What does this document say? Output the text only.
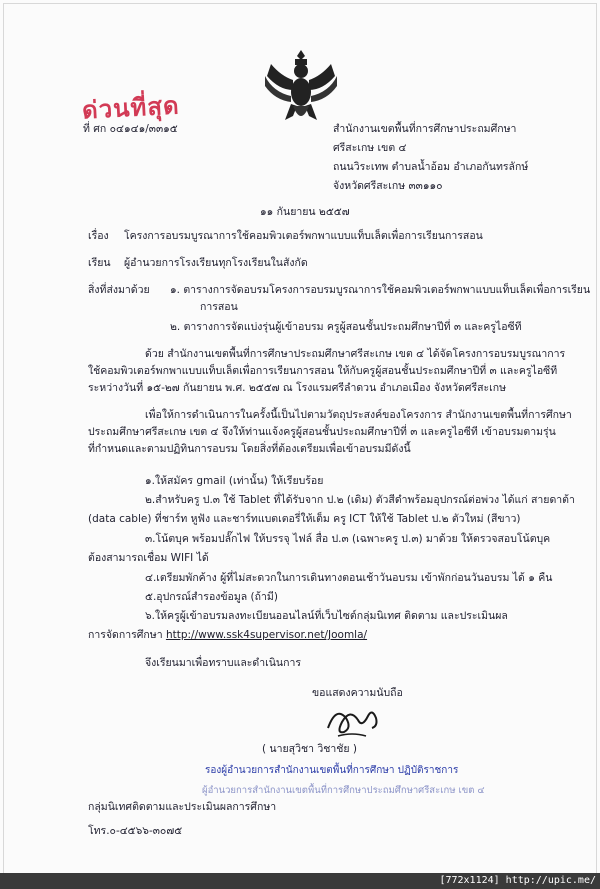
ด่วนที่สุด
ที่ ศก ๐๔๑๔๑/๓๓๑๕	สำนักงานเขตพื้นที่การศึกษาประถมศึกษา
ศรีสะเกษ เขต ๔
ถนนวิระเทพ ตำบลน้ำอ้อม อำเภอกันทรลักษ์
จังหวัดศรีสะเกษ ๓๓๑๑๐
๑๑ กันยายน ๒๕๕๗
เรื่อง โครงการอบรมบูรณาการใช้คอมพิวเตอร์พกพาแบบแท็บเล็ตเพื่อการเรียนการสอน
เรียน ผู้อำนวยการโรงเรียนทุกโรงเรียนในสังกัด
สิ่งที่ส่งมาด้วย ๑. ตารางการจัดอบรมโครงการอบรมบูรณาการใช้คอมพิวเตอร์พกพาแบบแท็บเล็ตเพื่อการเรียน
การสอน
๒. ตารางการจัดแบ่งรุ่นผู้เข้าอบรม ครูผู้สอนชั้นประถมศึกษาปีที่ ๓ และครูไอซีที
ด้วย สำนักงานเขตพื้นที่การศึกษาประถมศึกษาศรีสะเกษ เขต ๔ ได้จัดโครงการอบรมบูรณาการ
ใช้คอมพิวเตอร์พกพาแบบแท็บเล็ตเพื่อการเรียนการสอน ให้กับครูผู้สอนชั้นประถมศึกษาปีที่ ๓ และครูไอซีที
ระหว่างวันที่ ๑๕-๒๗ กันยายน พ.ศ. ๒๕๕๗ ณ โรงแรมศรีลำดวน อำเภอเมือง จังหวัดศรีสะเกษ
เพื่อให้การดำเนินการในครั้งนี้เป็นไปตามวัตถุประสงค์ของโครงการ สำนักงานเขตพื้นที่การศึกษา
ประถมศึกษาศรีสะเกษ เขต ๔ จึงให้ท่านแจ้งครูผู้สอนชั้นประถมศึกษาปีที่ ๓ และครูไอซีที เข้าอบรมตามรุ่น
ที่กำหนดและตามปฏิทินการอบรม โดยสิ่งที่ต้องเตรียมเพื่อเข้าอบรมมีดังนี้
๑.ให้สมัคร gmail (เท่านั้น) ให้เรียบร้อย
๒.สำหรับครู ป.๓ ใช้ Tablet ที่ได้รับจาก ป.๒ (เดิม) ตัวสีดำพร้อมอุปกรณ์ต่อพ่วง ได้แก่ สายดาต้า
(data cable) ที่ชาร์ท หูฟัง และชาร์ทแบตเตอรี่ให้เต็ม ครู ICT ให้ใช้ Tablet ป.๒ ตัวใหม่ (สีขาว)
๓.โน้ตบุค พร้อมปลั๊กไฟ ให้บรรจุ ไฟล์ สื่อ ป.๓ (เฉพาะครู ป.๓) มาด้วย ให้ตรวจสอบโน้ตบุค
ต้องสามารถเชื่อม WIFI ได้
๔.เตรียมพักค้าง ผู้ที่ไม่สะดวกในการเดินทางตอนเช้าวันอบรม เข้าพักก่อนวันอบรม ได้ ๑ คืน
๕.อุปกรณ์สำรองข้อมูล (ถ้ามี)
๖.ให้ครูผู้เข้าอบรมลงทะเบียนออนไลน์ที่เว็บไซต์กลุ่มนิเทศ ติดตาม และประเมินผล
การจัดการศึกษา http://www.ssk4supervisor.net/Joomla/
จึงเรียนมาเพื่อทราบและดำเนินการ
ขอแสดงความนับถือ
( นายสุวิชา วิชาชัย )
รองผู้อำนวยการสำนักงานเขตพื้นที่การศึกษา ปฏิบัติราชการ
ผู้อำนวยการสำนักงานเขตพื้นที่การศึกษาประถมศึกษาศรีสะเกษ เขต ๔
กลุ่มนิเทศติดตามและประเมินผลการศึกษา
โทร.๐-๔๕๖๖-๓๐๗๕
[772x1124] http://upic.me/
